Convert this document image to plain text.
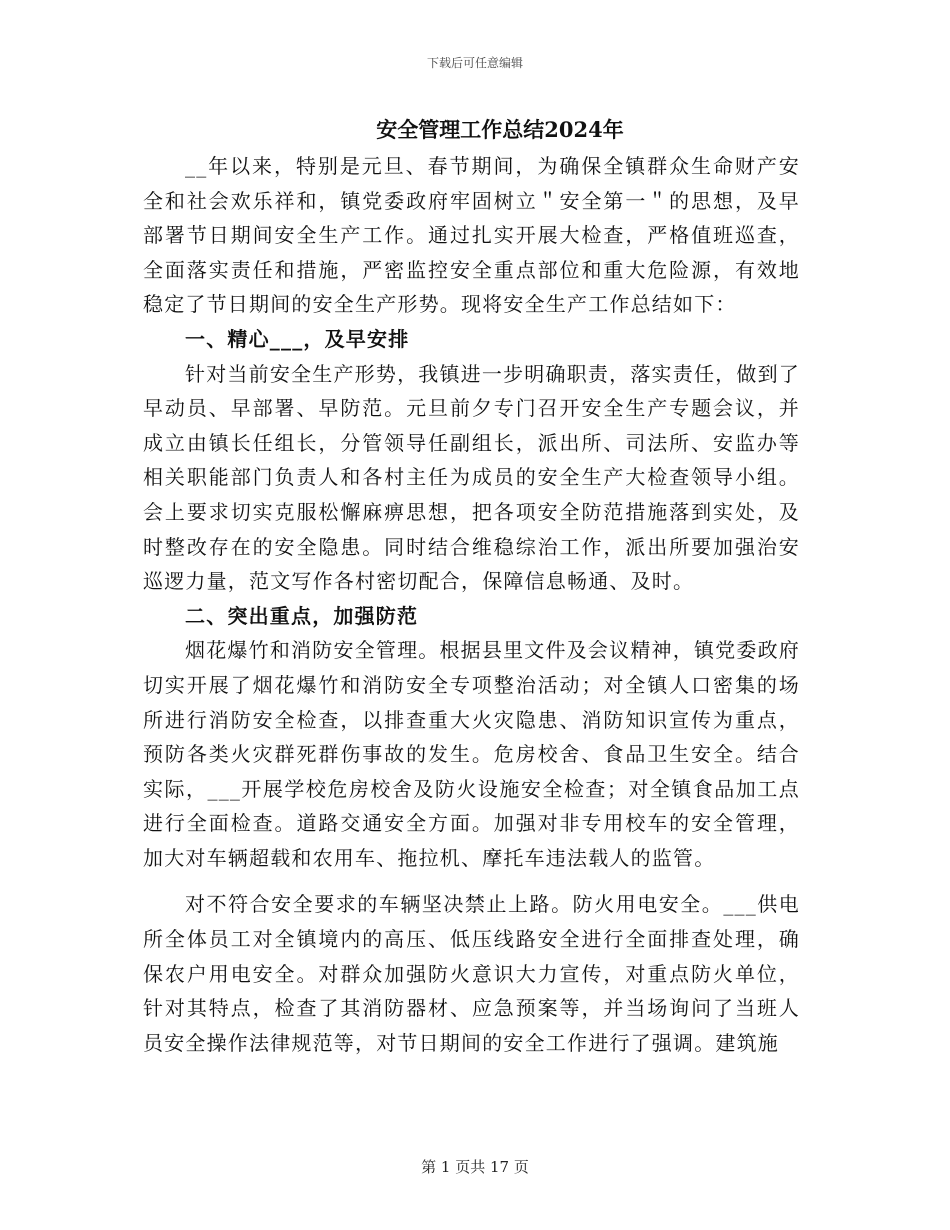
下载后可任意编辑
安全管理工作总结2024年

__年以来，特别是元旦、春节期间，为确保全镇群众生命财产安全和社会欢乐祥和，镇党委政府牢固树立＂安全第一＂的思想，及早部署节日期间安全生产工作。通过扎实开展大检查，严格值班巡查，全面落实责任和措施，严密监控安全重点部位和重大危险源，有效地稳定了节日期间的安全生产形势。现将安全生产工作总结如下：

一、精心___，及早安排

针对当前安全生产形势，我镇进一步明确职责，落实责任，做到了早动员、早部署、早防范。元旦前夕专门召开安全生产专题会议，并成立由镇长任组长，分管领导任副组长，派出所、司法所、安监办等相关职能部门负责人和各村主任为成员的安全生产大检查领导小组。会上要求切实克服松懈麻痹思想，把各项安全防范措施落到实处，及时整改存在的安全隐患。同时结合维稳综治工作，派出所要加强治安巡逻力量，范文写作各村密切配合，保障信息畅通、及时。

二、突出重点，加强防范

烟花爆竹和消防安全管理。根据县里文件及会议精神，镇党委政府切实开展了烟花爆竹和消防安全专项整治活动；对全镇人口密集的场所进行消防安全检查，以排查重大火灾隐患、消防知识宣传为重点，预防各类火灾群死群伤事故的发生。危房校舍、食品卫生安全。结合实际，___开展学校危房校舍及防火设施安全检查；对全镇食品加工点进行全面检查。道路交通安全方面。加强对非专用校车的安全管理，加大对车辆超载和农用车、拖拉机、摩托车违法载人的监管。

对不符合安全要求的车辆坚决禁止上路。防火用电安全。___供电所全体员工对全镇境内的高压、低压线路安全进行全面排查处理，确保农户用电安全。对群众加强防火意识大力宣传，对重点防火单位，针对其特点，检查了其消防器材、应急预案等，并当场询问了当班人员安全操作法律规范等，对节日期间的安全工作进行了强调。建筑施

第 1 页共 17 页
